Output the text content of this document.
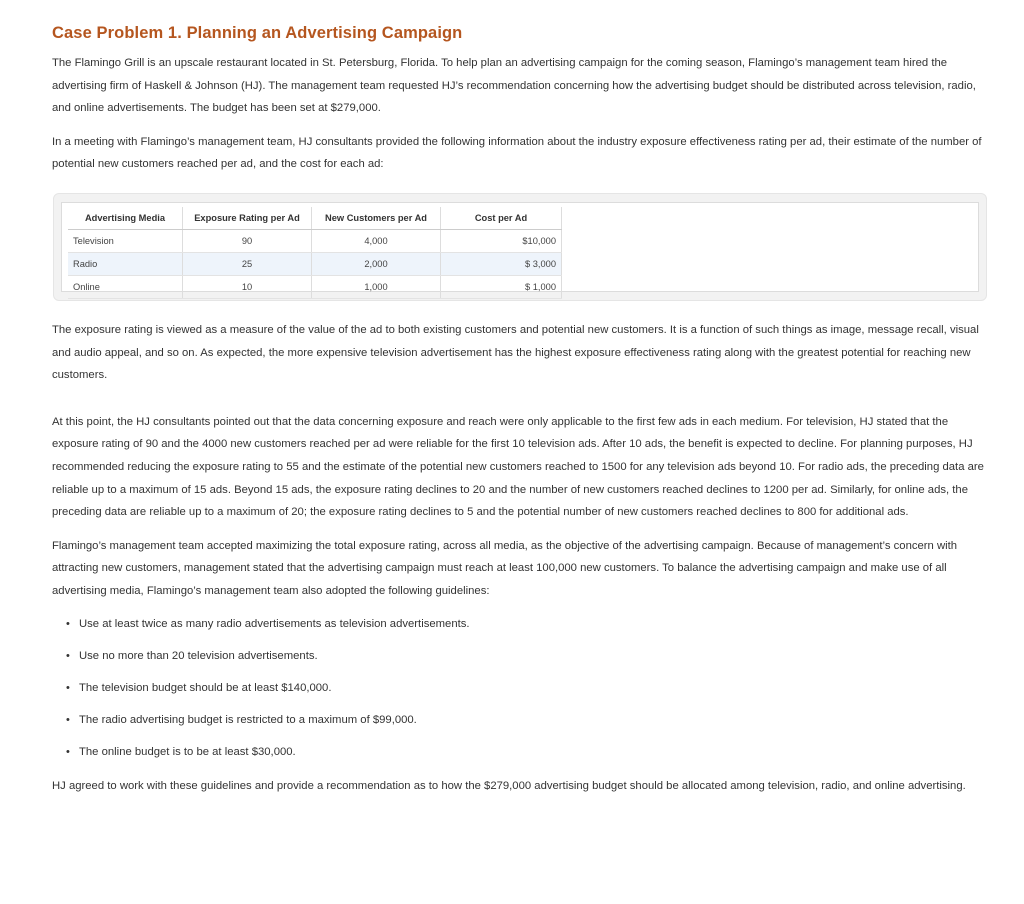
Case Problem 1. Planning an Advertising Campaign

The Flamingo Grill is an upscale restaurant located in St. Petersburg, Florida. To help plan an advertising campaign for the coming season, Flamingo’s management team hired the advertising firm of Haskell & Johnson (HJ). The management team requested HJ’s recommendation concerning how the advertising budget should be distributed across television, radio, and online advertisements. The budget has been set at $279,000.

In a meeting with Flamingo’s management team, HJ consultants provided the following information about the industry exposure effectiveness rating per ad, their estimate of the number of potential new customers reached per ad, and the cost for each ad:

Advertising Media	Exposure Rating per Ad	New Customers per Ad	Cost per Ad
Television	90	4,000	$10,000
Radio	25	2,000	$ 3,000
Online	10	1,000	$ 1,000

The exposure rating is viewed as a measure of the value of the ad to both existing customers and potential new customers. It is a function of such things as image, message recall, visual and audio appeal, and so on. As expected, the more expensive television advertisement has the highest exposure effectiveness rating along with the greatest potential for reaching new customers.

At this point, the HJ consultants pointed out that the data concerning exposure and reach were only applicable to the first few ads in each medium. For television, HJ stated that the exposure rating of 90 and the 4000 new customers reached per ad were reliable for the first 10 television ads. After 10 ads, the benefit is expected to decline. For planning purposes, HJ recommended reducing the exposure rating to 55 and the estimate of the potential new customers reached to 1500 for any television ads beyond 10. For radio ads, the preceding data are reliable up to a maximum of 15 ads. Beyond 15 ads, the exposure rating declines to 20 and the number of new customers reached declines to 1200 per ad. Similarly, for online ads, the preceding data are reliable up to a maximum of 20; the exposure rating declines to 5 and the potential number of new customers reached declines to 800 for additional ads.

Flamingo’s management team accepted maximizing the total exposure rating, across all media, as the objective of the advertising campaign. Because of management’s concern with attracting new customers, management stated that the advertising campaign must reach at least 100,000 new customers. To balance the advertising campaign and make use of all advertising media, Flamingo’s management team also adopted the following guidelines:

• Use at least twice as many radio advertisements as television advertisements.
• Use no more than 20 television advertisements.
• The television budget should be at least $140,000.
• The radio advertising budget is restricted to a maximum of $99,000.
• The online budget is to be at least $30,000.

HJ agreed to work with these guidelines and provide a recommendation as to how the $279,000 advertising budget should be allocated among television, radio, and online advertising.
